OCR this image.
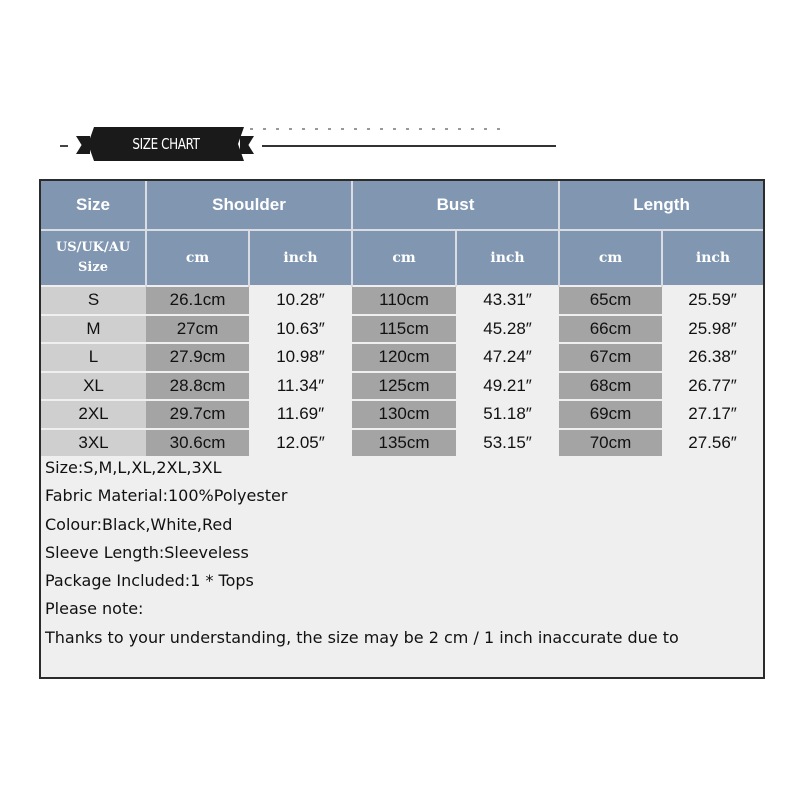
SIZE CHART
Size	Shoulder		Bust		Length	

US/UK/AU
Size	cm	inch	cm	inch	cm	inch
S	26.1cm	10.28″	110cm	43.31″	65cm	25.59″
M	27cm	10.63″	115cm	45.28″	66cm	25.98″
L	27.9cm	10.98″	120cm	47.24″	67cm	26.38″
XL	28.8cm	11.34″	125cm	49.21″	68cm	26.77″
2XL	29.7cm	11.69″	130cm	51.18″	69cm	27.17″
3XL	30.6cm	12.05″	135cm	53.15″	70cm	27.56″
Size:S,M,L,XL,2XL,3XL
Fabric Material:100%Polyester
Colour:Black,White,Red
Sleeve Length:Sleeveless
Package Included:1 * Tops
Please note:
Thanks to your understanding, the size may be 2 cm / 1 inch inaccurate due to
